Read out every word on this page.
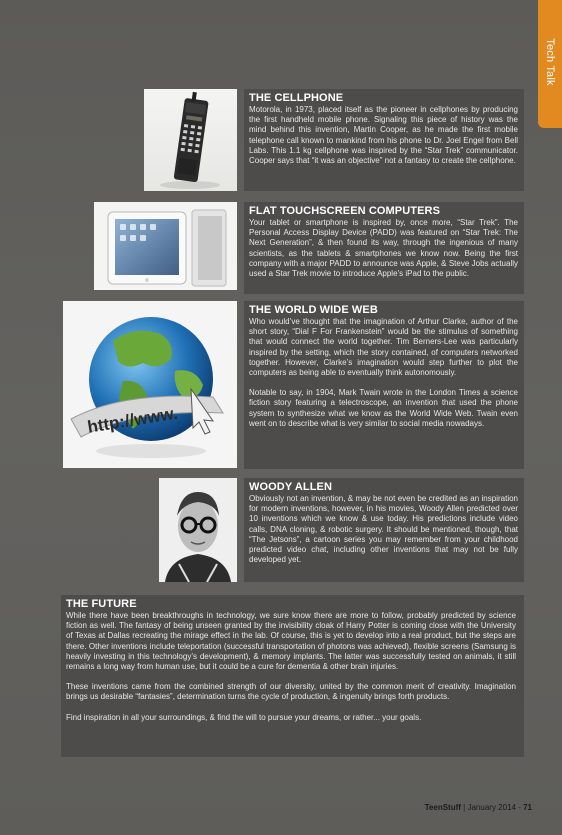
Tech Talk
THE CELLPHONE

Motorola, in 1973, placed itself as the pioneer in cellphones by producing the first handheld mobile phone. Signaling this piece of history was the mind behind this invention, Martin Cooper, as he made the first mobile telephone call known to mankind from his phone to Dr. Joel Engel from Bell Labs. This 1.1 kg cellphone was inspired by the “Star Trek” communicator. Cooper says that “it was an objective” not a fantasy to create the cellphone.

FLAT TOUCHSCREEN COMPUTERS

Your tablet or smartphone is inspired by, once more, “Star Trek”. The Personal Access Display Device (PADD) was featured on “Star Trek: The Next Generation”, & then found its way, through the ingenious of many scientists, as the tablets & smartphones we know now. Being the first company with a major PADD to announce was Apple, & Steve Jobs actually used a Star Trek movie to introduce Apple’s iPad to the public.

http://www.
THE WORLD WIDE WEB

Who would’ve thought that the imagination of Arthur Clarke, author of the short story, “Dial F For Frankenstein” would be the stimulus of something that would connect the world together. Tim Berners-Lee was particularly inspired by the setting, which the story contained, of computers networked together. However, Clarke’s imagination would step further to plot the computers as being able to eventually think autonomously.

Notable to say, in 1904, Mark Twain wrote in the London Times a science fiction story featuring a telectroscope, an invention that used the phone system to synthesize what we know as the World Wide Web. Twain even went on to describe what is very similar to social media nowadays.

WOODY ALLEN

Obviously not an invention, & may be not even be credited as an inspiration for modern inventions, however, in his movies, Woody Allen predicted over 10 inventions which we know & use today. His predictions include video calls, DNA cloning, & robotic surgery. It should be mentioned, though, that “The Jetsons”, a cartoon series you may remember from your childhood predicted video chat, including other inventions that may not be fully developed yet.

THE FUTURE

While there have been breakthroughs in technology, we sure know there are more to follow, probably predicted by science fiction as well. The fantasy of being unseen granted by the invisibility cloak of Harry Potter is coming close with the University of Texas at Dallas recreating the mirage effect in the lab. Of course, this is yet to develop into a real product, but the steps are there. Other inventions include teleportation (successful transportation of photons was achieved), flexible screens (Samsung is heavily investing in this technology’s development), & memory implants. The latter was successfully tested on animals, it still remains a long way from human use, but it could be a cure for dementia & other brain injuries.

These inventions came from the combined strength of our diversity, united by the common merit of creativity. Imagination brings us desirable “fantasies”, determination turns the cycle of production, & ingenuity brings forth products.

Find inspiration in all your surroundings, & find the will to pursue your dreams, or rather... your goals.

TeenStuff | January 2014 - 71
